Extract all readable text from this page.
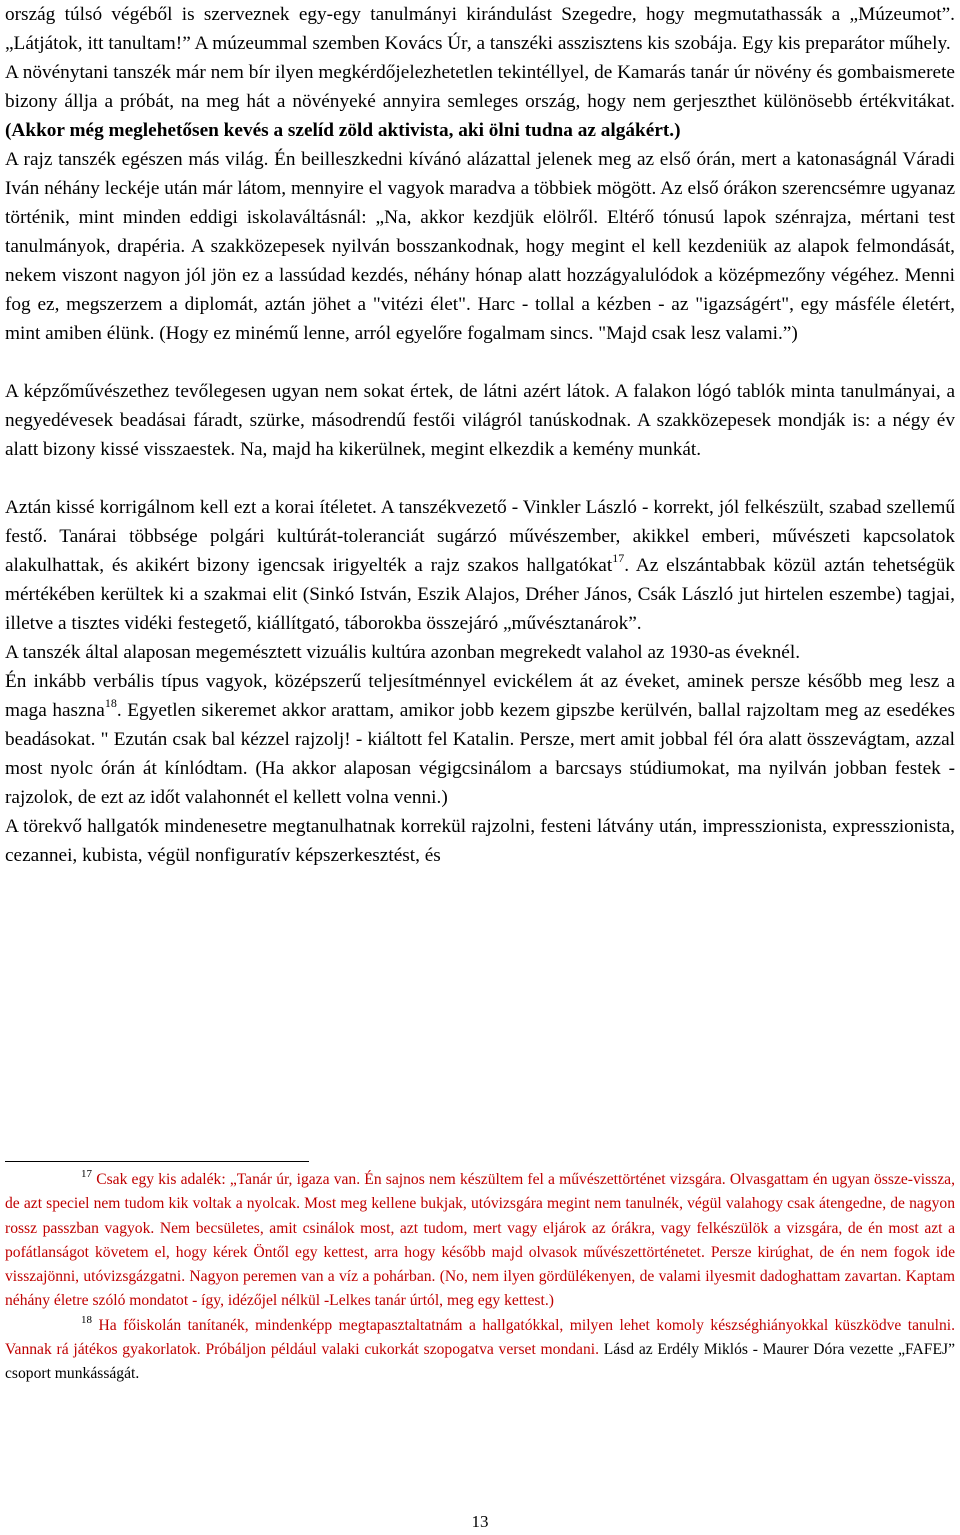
ország túlsó végéből is szerveznek egy-egy tanulmányi kirándulást Szegedre, hogy megmutathassák a „Múzeumot”. „Látjátok, itt tanultam!” A múzeummal szemben Kovács Úr, a tanszéki asszisztens kis szobája. Egy kis preparátor műhely.

A növénytani tanszék már nem bír ilyen megkérdőjelezhetetlen tekintéllyel, de Kamarás tanár úr növény és gombaismerete bizony állja a próbát, na meg hát a növényeké annyira semleges ország, hogy nem gerjeszthet különösebb értékvitákat. (Akkor még meglehetősen kevés a szelíd zöld aktivista, aki ölni tudna az algákért.)

A rajz tanszék egészen más világ. Én beilleszkedni kívánó alázattal jelenek meg az első órán, mert a katonaságnál Váradi Iván néhány leckéje után már látom, mennyire el vagyok maradva a többiek mögött. Az első órákon szerencsémre ugyanaz történik, mint minden eddigi iskolaváltásnál: „Na, akkor kezdjük elölről. Eltérő tónusú lapok szénrajza, mértani test tanulmányok, drapéria. A szakközepesek nyilván bosszankodnak, hogy megint el kell kezdeniük az alapok felmondását, nekem viszont nagyon jól jön ez a lassúdad kezdés, néhány hónap alatt hozzágyalulódok a középmezőny végéhez. Menni fog ez, megszerzem a diplomát, aztán jöhet a "vitézi élet". Harc - tollal a kézben - az "igazságért", egy másféle életért, mint amiben élünk. (Hogy ez minémű lenne, arról egyelőre fogalmam sincs. "Majd csak lesz valami.”)

A képzőművészethez tevőlegesen ugyan nem sokat értek, de látni azért látok. A falakon lógó tablók minta tanulmányai, a negyedévesek beadásai fáradt, szürke, másodrendű festői világról tanúskodnak. A szakközepesek mondják is: a négy év alatt bizony kissé visszaestek. Na, majd ha kikerülnek, megint elkezdik a kemény munkát.

Aztán kissé korrigálnom kell ezt a korai ítéletet. A tanszékvezető - Vinkler László - korrekt, jól felkészült, szabad szellemű festő. Tanárai többsége polgári kultúrát-toleranciát sugárzó művészember, akikkel emberi, művészeti kapcsolatok alakulhattak, és akikért bizony igencsak irigyelték a rajz szakos hallgatókat$^{17}$. Az elszántabbak közül aztán tehetségük mértékében kerültek ki a szakmai elit (Sinkó István, Eszik Alajos, Dréher János, Csák László jut hirtelen eszembe) tagjai, illetve a tisztes vidéki festegető, kiállítgató, táborokba összejáró „művésztanárok”.

A tanszék által alaposan megemésztett vizuális kultúra azonban megrekedt valahol az 1930-as éveknél.

Én inkább verbális típus vagyok, középszerű teljesítménnyel evickélem át az éveket, aminek persze később meg lesz a maga haszna$^{18}$. Egyetlen sikeremet akkor arattam, amikor jobb kezem gipszbe kerülvén, ballal rajzoltam meg az esedékes beadásokat. " Ezután csak bal kézzel rajzolj! - kiáltott fel Katalin. Persze, mert amit jobbal fél óra alatt összevágtam, azzal most nyolc órán át kínlódtam. (Ha akkor alaposan végigcsinálom a barcsays stúdiumokat, ma nyilván jobban festek - rajzolok, de ezt az időt valahonnét el kellett volna venni.)

A törekvő hallgatók mindenesetre megtanulhatnak korrekül rajzolni, festeni látvány után, impresszionista, expresszionista, cezannei, kubista, végül nonfiguratív képszerkesztést, és

$^{17}$ Csak egy kis adalék: „Tanár úr, igaza van. Én sajnos nem készültem fel a művészettörténet vizsgára. Olvasgattam én ugyan össze-vissza, de azt speciel nem tudom kik voltak a nyolcak. Most meg kellene bukjak, utóvizsgára megint nem tanulnék, végül valahogy csak átengedne, de nagyon rossz passzban vagyok. Nem becsületes, amit csinálok most, azt tudom, mert vagy eljárok az órákra, vagy felkészülök a vizsgára, de én most azt a pofátlanságot követem el, hogy kérek Öntől egy kettest, arra hogy később majd olvasok művészettörténetet. Persze kirúghat, de én nem fogok ide visszajönni, utóvizsgázgatni. Nagyon peremen van a víz a pohárban. (No, nem ilyen gördülékenyen, de valami ilyesmit dadoghattam zavartan. Kaptam néhány életre szóló mondatot - így, idézőjel nélkül -Lelkes tanár úrtól, meg egy kettest.)

$^{18}$ Ha főiskolán tanítanék, mindenképp megtapasztaltatnám a hallgatókkal, milyen lehet komoly készséghiányokkal küszködve tanulni. Vannak rá játékos gyakorlatok. Próbáljon például valaki cukorkát szopogatva verset mondani. Lásd az Erdély Miklós - Maurer Dóra vezette „FAFEJ” csoport munkásságát.

13
